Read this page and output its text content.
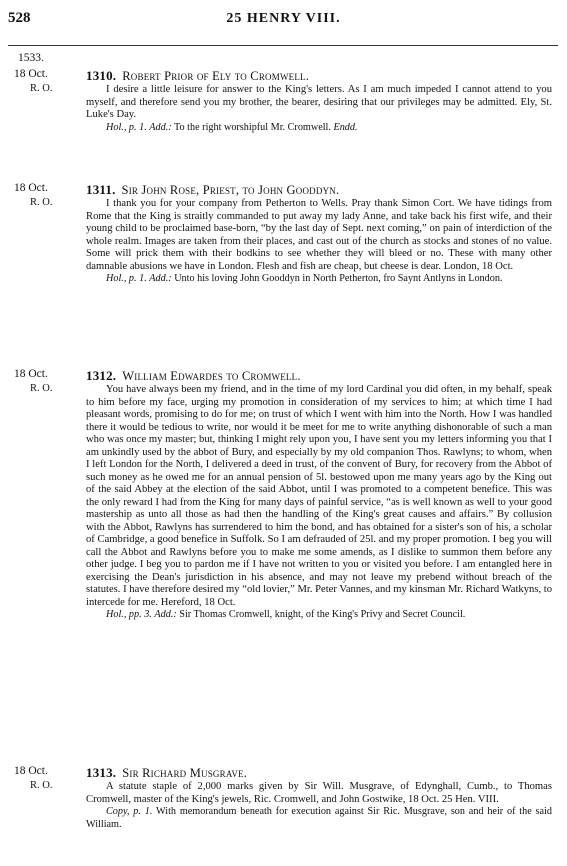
528	25 HENRY VIII.
1533.
18 Oct.
R. O.
1310. Robert Prior of Ely to Cromwell.

I desire a little leisure for answer to the King's letters. As I am much impeded I cannot attend to you myself, and therefore send you my brother, the bearer, desiring that our privileges may be admitted. Ely, St. Luke's Day.

Hol., p. 1. Add.: To the right worshipful Mr. Cromwell. Endd.

18 Oct.
R. O.
1311. Sir John Rose, Priest, to John Gooddyn.

I thank you for your company from Petherton to Wells. Pray thank Simon Cort. We have tidings from Rome that the King is straitly commanded to put away my lady Anne, and take back his first wife, and their young child to be proclaimed base-born, “by the last day of Sept. next coming,” on pain of interdiction of the whole realm. Images are taken from their places, and cast out of the church as stocks and stones of no value. Some will prick them with their bodkins to see whether they will bleed or no. These with many other damnable abusions we have in London. Flesh and fish are cheap, but cheese is dear. London, 18 Oct.

Hol., p. 1. Add.: Unto his loving John Gooddyn in North Petherton, fro Saynt Antlyns in London.

18 Oct.
R. O.
1312. William Edwardes to Cromwell.

You have always been my friend, and in the time of my lord Cardinal you did often, in my behalf, speak to him before my face, urging my promotion in consideration of my services to him; at which time I had pleasant words, promising to do for me; on trust of which I went with him into the North. How I was handled there it would be tedious to write, nor would it be meet for me to write anything dishonorable of such a man who was once my master; but, thinking I might rely upon you, I have sent you my letters informing you that I am unkindly used by the abbot of Bury, and especially by my old companion Thos. Rawlyns; to whom, when I left London for the North, I delivered a deed in trust, of the convent of Bury, for recovery from the Abbot of such money as he owed me for an annual pension of 5l. bestowed upon me many years ago by the King out of the said Abbey at the election of the said Abbot, until I was promoted to a competent benefice. This was the only reward I had from the King for many days of painful service, “as is well known as well to your good mastership as unto all those as had then the handling of the King's great causes and affairs.” By collusion with the Abbot, Rawlyns has surrendered to him the bond, and has obtained for a sister's son of his, a scholar of Cambridge, a good benefice in Suffolk. So I am defrauded of 25l. and my proper promotion. I beg you will call the Abbot and Rawlyns before you to make me some amends, as I dislike to summon them before any other judge. I beg you to pardon me if I have not written to you or visited you before. I am entangled here in exercising the Dean's jurisdiction in his absence, and may not leave my prebend without breach of the statutes. I have therefore desired my “old lovier,” Mr. Peter Vannes, and my kinsman Mr. Richard Watkyns, to intercede for me. Hereford, 18 Oct.

Hol., pp. 3. Add.: Sir Thomas Cromwell, knight, of the King's Privy and Secret Council.

18 Oct.
R. O.
1313. Sir Richard Musgrave.

A statute staple of 2,000 marks given by Sir Will. Musgrave, of Edynghall, Cumb., to Thomas Cromwell, master of the King's jewels, Ric. Cromwell, and John Gostwike, 18 Oct. 25 Hen. VIII.

Copy, p. 1. With memorandum beneath for execution against Sir Ric. Musgrave, son and heir of the said William.
